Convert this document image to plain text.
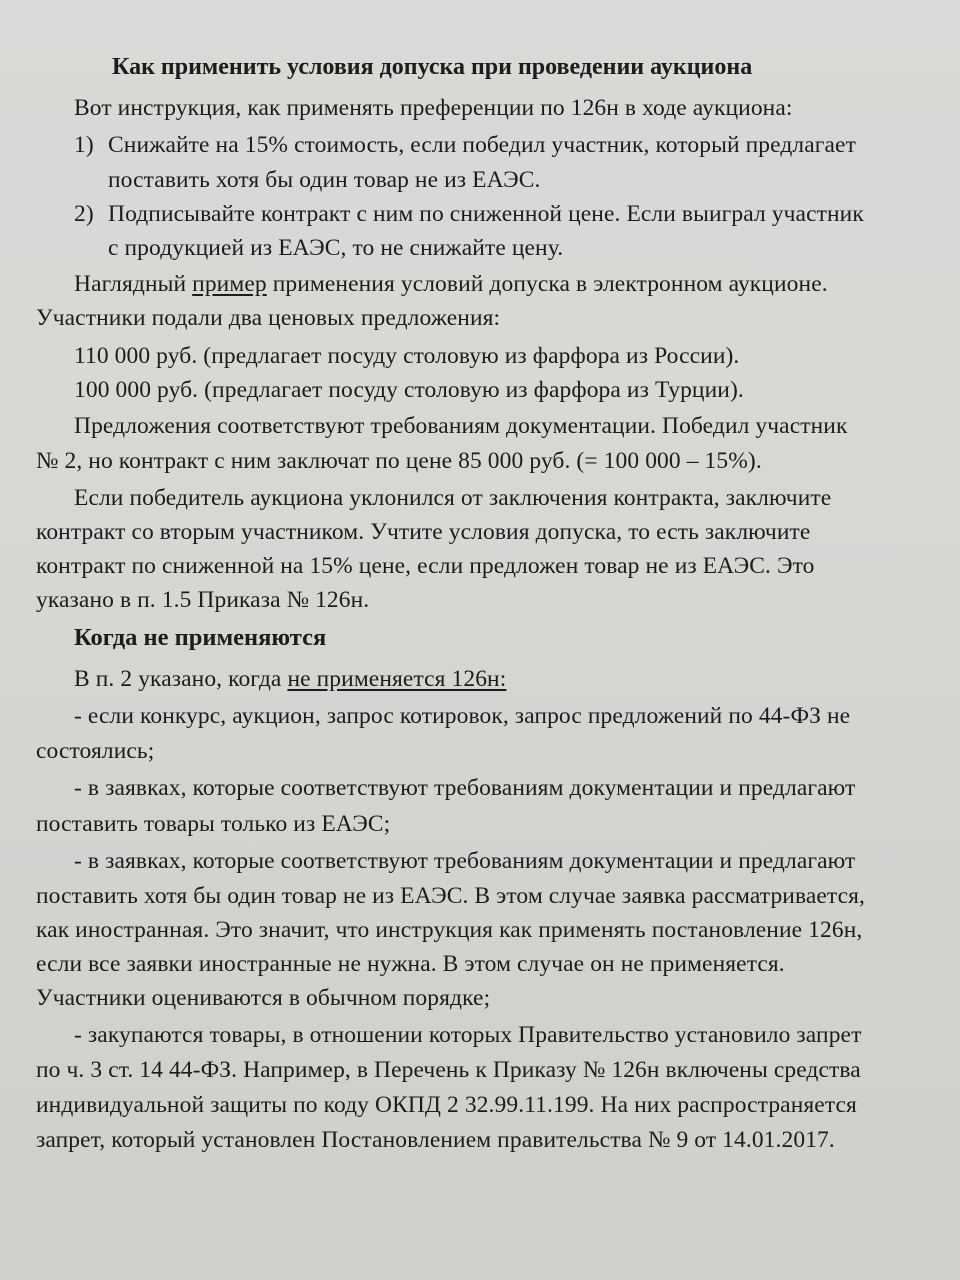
Как применить условия допуска при проведении аукциона
Вот инструкция, как применять преференции по 126н в ходе аукциона:
1) Снижайте на 15% стоимость, если победил участник, который предлагает
поставить хотя бы один товар не из ЕАЭС.
2) Подписывайте контракт с ним по сниженной цене. Если выиграл участник
с продукцией из ЕАЭС, то не снижайте цену.
Наглядный пример применения условий допуска в электронном аукционе.
Участники подали два ценовых предложения:
110 000 руб. (предлагает посуду столовую из фарфора из России).
100 000 руб. (предлагает посуду столовую из фарфора из Турции).
Предложения соответствуют требованиям документации. Победил участник
№ 2, но контракт с ним заключат по цене 85 000 руб. (= 100 000 – 15%).
Если победитель аукциона уклонился от заключения контракта, заключите
контракт со вторым участником. Учтите условия допуска, то есть заключите
контракт по сниженной на 15% цене, если предложен товар не из ЕАЭС. Это
указано в п. 1.5 Приказа № 126н.
Когда не применяются
В п. 2 указано, когда не применяется 126н:
- если конкурс, аукцион, запрос котировок, запрос предложений по 44-ФЗ не
состоялись;
- в заявках, которые соответствуют требованиям документации и предлагают
поставить товары только из ЕАЭС;
- в заявках, которые соответствуют требованиям документации и предлагают
поставить хотя бы один товар не из ЕАЭС. В этом случае заявка рассматривается,
как иностранная. Это значит, что инструкция как применять постановление 126н,
если все заявки иностранные не нужна. В этом случае он не применяется.
Участники оцениваются в обычном порядке;
- закупаются товары, в отношении которых Правительство установило запрет
по ч. 3 ст. 14 44-ФЗ. Например, в Перечень к Приказу № 126н включены средства
индивидуальной защиты по коду ОКПД 2 32.99.11.199. На них распространяется
запрет, который установлен Постановлением правительства № 9 от 14.01.2017.
